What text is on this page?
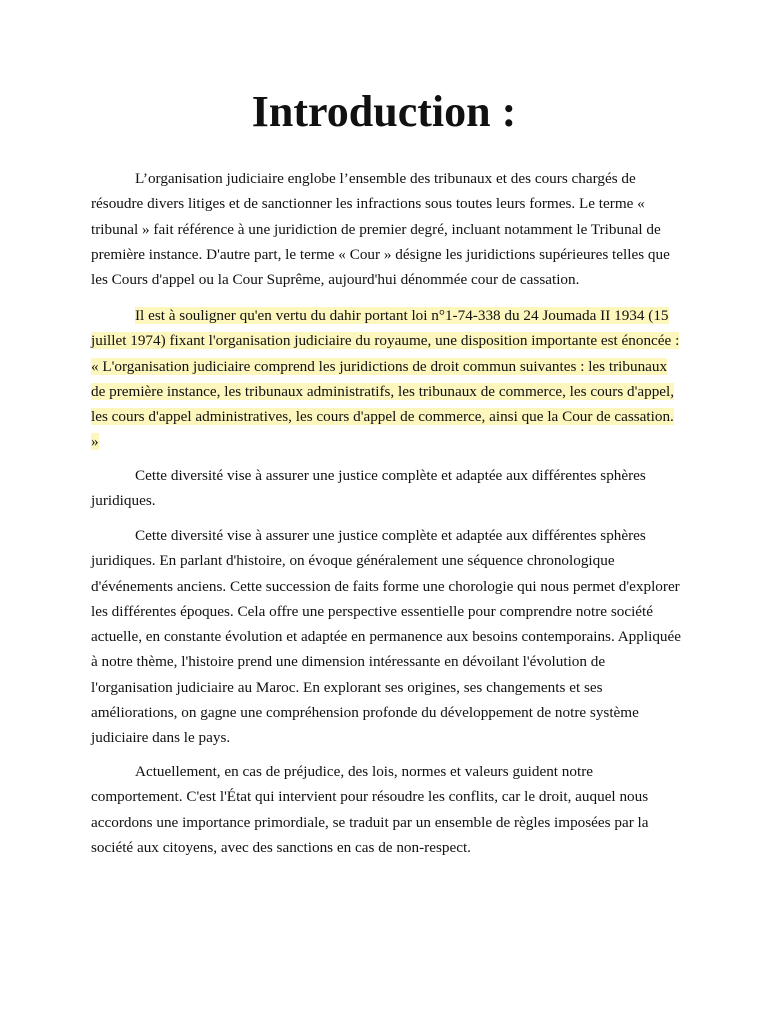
Introduction :

L’organisation judiciaire englobe l’ensemble des tribunaux et des cours chargés de résoudre divers litiges et de sanctionner les infractions sous toutes leurs formes. Le terme « tribunal » fait référence à une juridiction de premier degré, incluant notamment le Tribunal de première instance. D'autre part, le terme « Cour » désigne les juridictions supérieures telles que les Cours d'appel ou la Cour Suprême, aujourd'hui dénommée cour de cassation.

Il est à souligner qu'en vertu du dahir portant loi n°1-74-338 du 24 Joumada II 1934 (15 juillet 1974) fixant l'organisation judiciaire du royaume, une disposition importante est énoncée : « L'organisation judiciaire comprend les juridictions de droit commun suivantes : les tribunaux de première instance, les tribunaux administratifs, les tribunaux de commerce, les cours d'appel, les cours d'appel administratives, les cours d'appel de commerce, ainsi que la Cour de cassation. »

Cette diversité vise à assurer une justice complète et adaptée aux différentes sphères juridiques.

Cette diversité vise à assurer une justice complète et adaptée aux différentes sphères juridiques. En parlant d'histoire, on évoque généralement une séquence chronologique d'événements anciens. Cette succession de faits forme une chorologie qui nous permet d'explorer les différentes époques. Cela offre une perspective essentielle pour comprendre notre société actuelle, en constante évolution et adaptée en permanence aux besoins contemporains. Appliquée à notre thème, l'histoire prend une dimension intéressante en dévoilant l'évolution de l'organisation judiciaire au Maroc. En explorant ses origines, ses changements et ses améliorations, on gagne une compréhension profonde du développement de notre système judiciaire dans le pays.

Actuellement, en cas de préjudice, des lois, normes et valeurs guident notre comportement. C'est l'État qui intervient pour résoudre les conflits, car le droit, auquel nous accordons une importance primordiale, se traduit par un ensemble de règles imposées par la société aux citoyens, avec des sanctions en cas de non-respect.
